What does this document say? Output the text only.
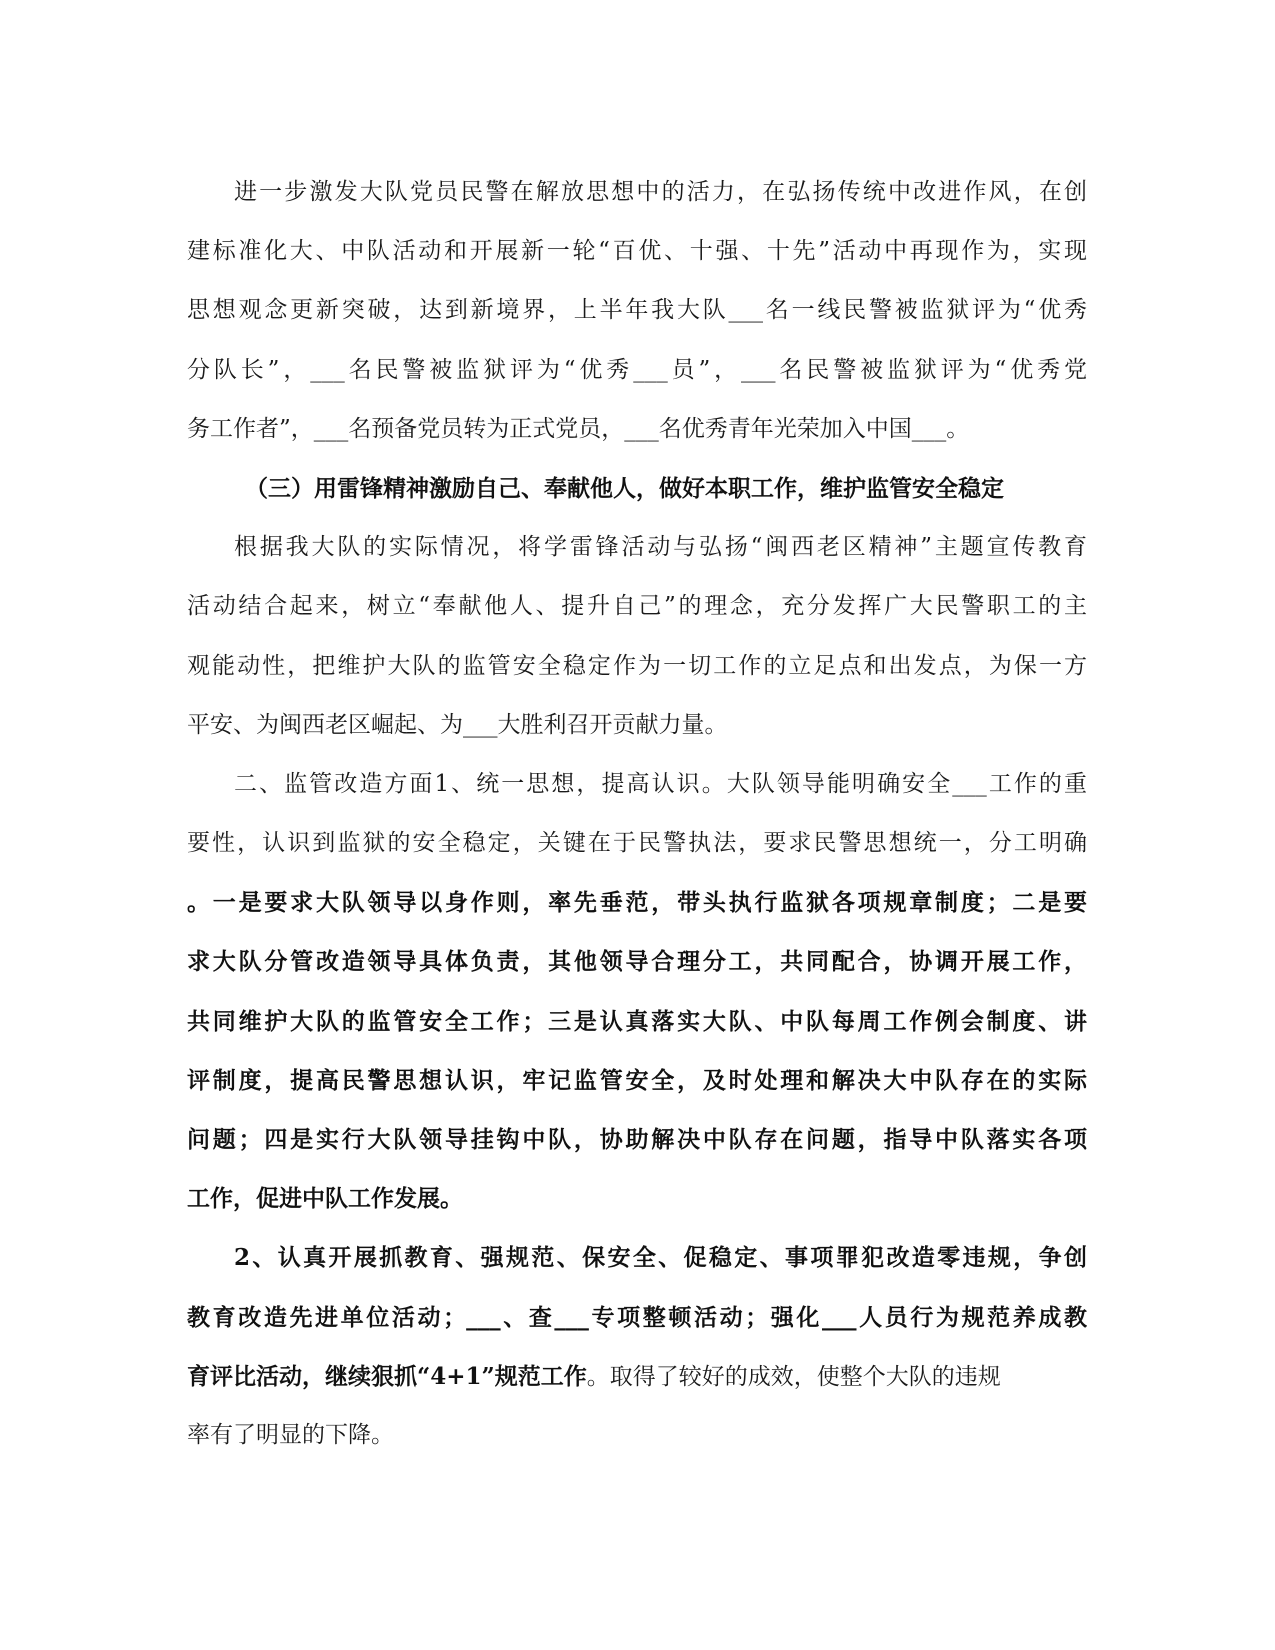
进一步激发大队党员民警在解放思想中的活力，在弘扬传统中改进作风，在创
建标准化大、中队活动和开展新一轮“百优、十强、十先”活动中再现作为，实现
思想观念更新突破，达到新境界，上半年我大队___名一线民警被监狱评为“优秀
分队长”，___名民警被监狱评为“优秀___员”，___名民警被监狱评为“优秀党
务工作者”，___名预备党员转为正式党员，___名优秀青年光荣加入中国___。
（三）用雷锋精神激励自己、奉献他人，做好本职工作，维护监管安全稳定
根据我大队的实际情况，将学雷锋活动与弘扬“闽西老区精神”主题宣传教育
活动结合起来，树立“奉献他人、提升自己”的理念，充分发挥广大民警职工的主
观能动性，把维护大队的监管安全稳定作为一切工作的立足点和出发点，为保一方
平安、为闽西老区崛起、为___大胜利召开贡献力量。
二、监管改造方面1、统一思想，提高认识。大队领导能明确安全___工作的重
要性，认识到监狱的安全稳定，关键在于民警执法，要求民警思想统一，分工明确
。一是要求大队领导以身作则，率先垂范，带头执行监狱各项规章制度；二是要
求大队分管改造领导具体负责，其他领导合理分工，共同配合，协调开展工作，
共同维护大队的监管安全工作；三是认真落实大队、中队每周工作例会制度、讲
评制度，提高民警思想认识，牢记监管安全，及时处理和解决大中队存在的实际
问题；四是实行大队领导挂钩中队，协助解决中队存在问题，指导中队落实各项
工作，促进中队工作发展。
2、认真开展抓教育、强规范、保安全、促稳定、事项罪犯改造零违规，争创
教育改造先进单位活动；___、查___专项整顿活动；强化___人员行为规范养成教
育评比活动，继续狠抓“4+1”规范工作。取得了较好的成效，使整个大队的违规
率有了明显的下降。
